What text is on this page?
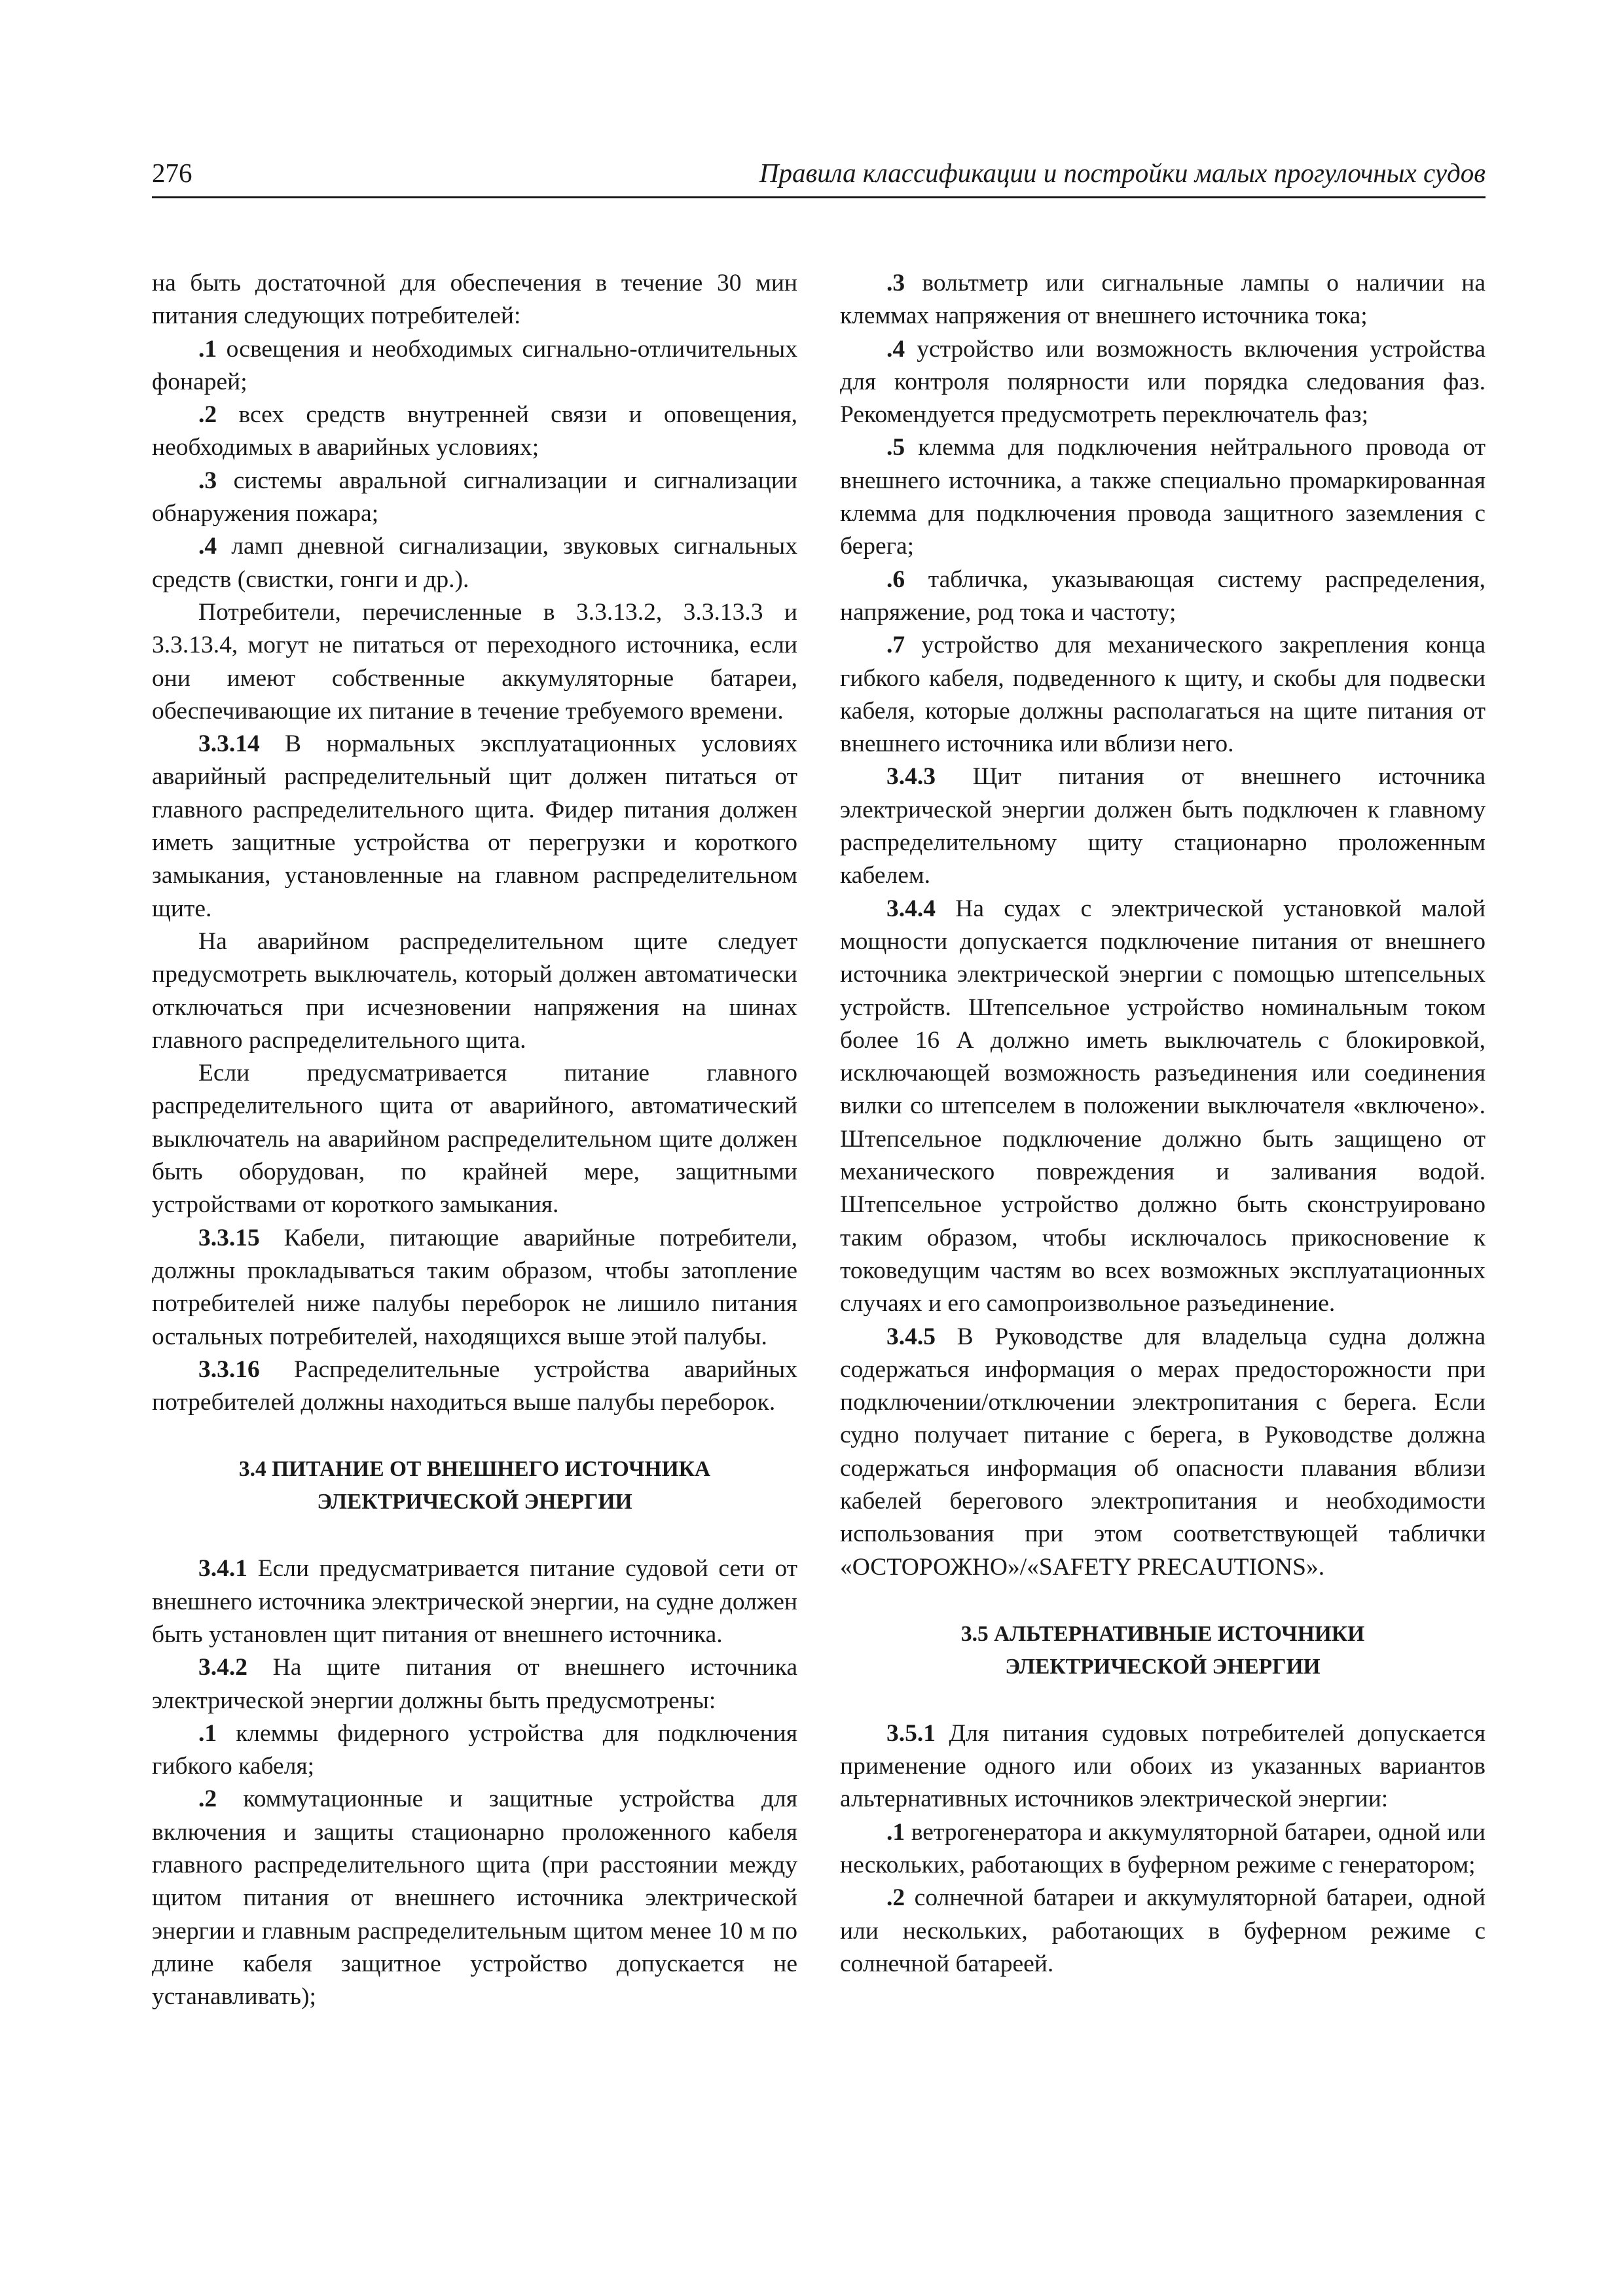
276	Правила классификации и постройки малых прогулочных судов

на быть достаточной для обеспечения в течение 30 мин питания следующих потребителей:

.1 освещения и необходимых сигнально-отличительных фонарей;

.2 всех средств внутренней связи и оповещения, необходимых в аварийных условиях;

.3 системы авральной сигнализации и сигнализации обнаружения пожара;

.4 ламп дневной сигнализации, звуковых сигнальных средств (свистки, гонги и др.).

Потребители, перечисленные в 3.3.13.2, 3.3.13.3 и 3.3.13.4, могут не питаться от переходного источника, если они имеют собственные аккумуляторные батареи, обеспечивающие их питание в течение требуемого времени.

3.3.14 В нормальных эксплуатационных условиях аварийный распределительный щит должен питаться от главного распределительного щита. Фидер питания должен иметь защитные устройства от перегрузки и короткого замыкания, установленные на главном распределительном щите.

На аварийном распределительном щите следует предусмотреть выключатель, который должен автоматически отключаться при исчезновении напряжения на шинах главного распределительного щита.

Если предусматривается питание главного распределительного щита от аварийного, автоматический выключатель на аварийном распределительном щите должен быть оборудован, по крайней мере, защитными устройствами от короткого замыкания.

3.3.15 Кабели, питающие аварийные потребители, должны прокладываться таким образом, чтобы затопление потребителей ниже палубы переборок не лишило питания остальных потребителей, находящихся выше этой палубы.

3.3.16 Распределительные устройства аварийных потребителей должны находиться выше палубы переборок.

3.4 ПИТАНИЕ ОТ ВНЕШНЕГО ИСТОЧНИКА
ЭЛЕКТРИЧЕСКОЙ ЭНЕРГИИ

3.4.1 Если предусматривается питание судовой сети от внешнего источника электрической энергии, на судне должен быть установлен щит питания от внешнего источника.

3.4.2 На щите питания от внешнего источника электрической энергии должны быть предусмотрены:

.1 клеммы фидерного устройства для подключения гибкого кабеля;

.2 коммутационные и защитные устройства для включения и защиты стационарно проложенного кабеля главного распределительного щита (при расстоянии между щитом питания от внешнего источника электрической энергии и главным распределительным щитом менее 10 м по длине кабеля защитное устройство допускается не устанавливать);

.3 вольтметр или сигнальные лампы о наличии на клеммах напряжения от внешнего источника тока;

.4 устройство или возможность включения устройства для контроля полярности или порядка следования фаз. Рекомендуется предусмотреть переключатель фаз;

.5 клемма для подключения нейтрального провода от внешнего источника, а также специально промаркированная клемма для подключения провода защитного заземления с берега;

.6 табличка, указывающая систему распределения, напряжение, род тока и частоту;

.7 устройство для механического закрепления конца гибкого кабеля, подведенного к щиту, и скобы для подвески кабеля, которые должны располагаться на щите питания от внешнего источника или вблизи него.

3.4.3 Щит питания от внешнего источника электрической энергии должен быть подключен к главному распределительному щиту стационарно проложенным кабелем.

3.4.4 На судах с электрической установкой малой мощности допускается подключение питания от внешнего источника электрической энергии с помощью штепсельных устройств. Штепсельное устройство номинальным током более 16 А должно иметь выключатель с блокировкой, исключающей возможность разъединения или соединения вилки со штепселем в положении выключателя «включено». Штепсельное подключение должно быть защищено от механического повреждения и заливания водой. Штепсельное устройство должно быть сконструировано таким образом, чтобы исключалось прикосновение к токоведущим частям во всех возможных эксплуатационных случаях и его самопроизвольное разъединение.

3.4.5 В Руководстве для владельца судна должна содержаться информация о мерах предосторожности при подключении/отключении электропитания с берега. Если судно получает питание с берега, в Руководстве должна содержаться информация об опасности плавания вблизи кабелей берегового электропитания и необходимости использования при этом соответствующей таблички «ОСТОРОЖНО»/«SAFETY PRECAUTIONS».

3.5 АЛЬТЕРНАТИВНЫЕ ИСТОЧНИКИ
ЭЛЕКТРИЧЕСКОЙ ЭНЕРГИИ

3.5.1 Для питания судовых потребителей допускается применение одного или обоих из указанных вариантов альтернативных источников электрической энергии:

.1 ветрогенератора и аккумуляторной батареи, одной или нескольких, работающих в буферном режиме с генератором;

.2 солнечной батареи и аккумуляторной батареи, одной или нескольких, работающих в буферном режиме с солнечной батареей.
